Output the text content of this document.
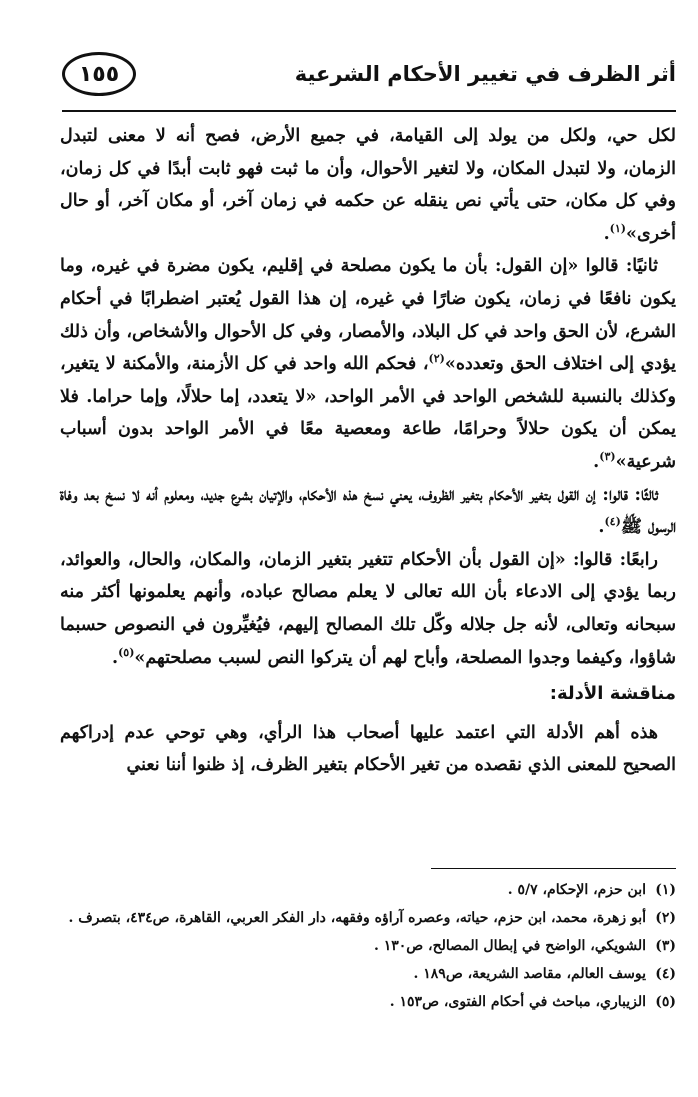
أثر الظرف في تغيير الأحكام الشرعية
١٥٥

لكل حي، ولكل من يولد إلى القيامة، في جميع الأرض، فصح أنه لا معنى لتبدل الزمان، ولا لتبدل المكان، ولا لتغير الأحوال، وأن ما ثبت فهو ثابت أبدًا في كل زمان، وفي كل مكان، حتى يأتي نص ينقله عن حكمه في زمان آخر، أو مكان آخر، أو حال أخرى»$^{(١)}$.

ثانيًا: قالوا «إن القول: بأن ما يكون مصلحة في إقليم، يكون مضرة في غيره، وما يكون نافعًا في زمان، يكون ضارًا في غيره، إن هذا القول يُعتبر اضطرابًا في أحكام الشرع، لأن الحق واحد في كل البلاد، والأمصار، وفي كل الأحوال والأشخاص، وأن ذلك يؤدي إلى اختلاف الحق وتعدده»$^{(٢)}$، فحكم الله واحد في كل الأزمنة، والأمكنة لا يتغير، وكذلك بالنسبة للشخص الواحد في الأمر الواحد، «لا يتعدد، إما حلالًا، وإما حراما. فلا يمكن أن يكون حلالاً وحرامًا، طاعة ومعصية معًا في الأمر الواحد بدون أسباب شرعية»$^{(٣)}$.

ثالثًا: قالوا: إن القول بتغير الأحكام بتغير الظروف، يعني نسخ هذه الأحكام، والإتيان بشرع جديد، ومعلوم أنه لا نسخ بعد وفاة الرسول ﷺ$^{(٤)}$.

رابعًا: قالوا: «إن القول بأن الأحكام تتغير بتغير الزمان، والمكان، والحال، والعوائد، ربما يؤدي إلى الادعاء بأن الله تعالى لا يعلم مصالح عباده، وأنهم يعلمونها أكثر منه سبحانه وتعالى، لأنه جل جلاله وكّل تلك المصالح إليهم، فيُغيِّرون في النصوص حسبما شاؤوا، وكيفما وجدوا المصلحة، وأباح لهم أن يتركوا النص لسبب مصلحتهم»$^{(٥)}$.

مناقشة الأدلة:

هذه أهم الأدلة التي اعتمد عليها أصحاب هذا الرأي، وهي توحي عدم إدراكهم الصحيح للمعنى الذي نقصده من تغير الأحكام بتغير الظرف، إذ ظنوا أننا نعني

(١)
ابن حزم، الإحكام، ٥/٧ .
(٢)
أبو زهرة، محمد، ابن حزم، حياته، وعصره آراؤه وفقهه، دار الفكر العربي، القاهرة، ص٤٣٤، بتصرف .
(٣)
الشويكي، الواضح في إبطال المصالح، ص١٣٠ .
(٤)
يوسف العالم، مقاصد الشريعة، ص١٨٩ .
(٥)
الزيباري، مباحث في أحكام الفتوى، ص١٥٣ .
